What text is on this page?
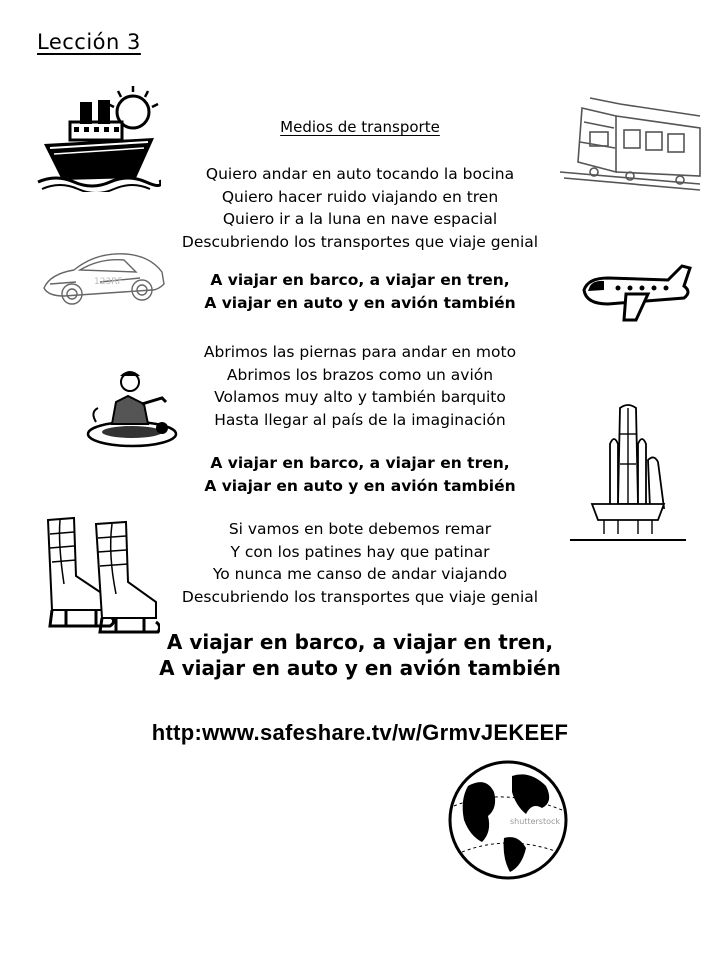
Lección 3
Medios de transporte
Quiero andar en auto tocando la bocina
Quiero hacer ruido viajando en tren
Quiero ir a la luna en nave espacial
Descubriendo los transportes que viaje genial
A viajar en barco, a viajar en tren,
A viajar en auto y en avión también
Abrimos las piernas para andar en moto
Abrimos los brazos como un avión
Volamos muy alto y también barquito
Hasta llegar al país de la imaginación
A viajar en barco, a viajar en tren,
A viajar en auto y en avión también
Si vamos en bote debemos remar
Y con los patines hay que patinar
Yo nunca me canso de andar viajando
Descubriendo los transportes que viaje genial
A viajar en barco, a viajar en tren,
A viajar en auto y en avión también
http:www.safeshare.tv/w/GrmvJEKEEF
123RF
shutterstock
